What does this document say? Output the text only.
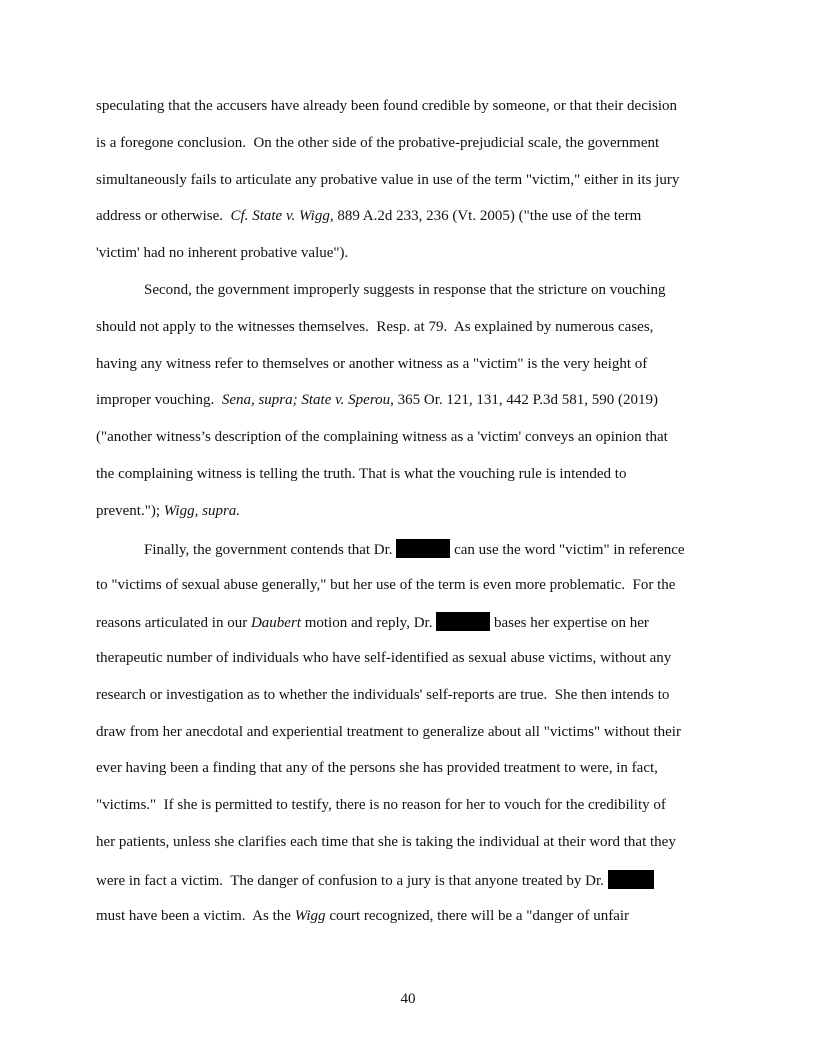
speculating that the accusers have already been found credible by someone, or that their decision
is a foregone conclusion.  On the other side of the probative-prejudicial scale, the government
simultaneously fails to articulate any probative value in use of the term "victim," either in its jury
address or otherwise.  Cf. State v. Wigg, 889 A.2d 233, 236 (Vt. 2005) ("the use of the term
'victim' had no inherent probative value").
Second, the government improperly suggests in response that the stricture on vouching
should not apply to the witnesses themselves.  Resp. at 79.  As explained by numerous cases,
having any witness refer to themselves or another witness as a "victim" is the very height of
improper vouching.  Sena, supra; State v. Sperou, 365 Or. 121, 131, 442 P.3d 581, 590 (2019)
("another witness’s description of the complaining witness as a 'victim' conveys an opinion that
the complaining witness is telling the truth. That is what the vouching rule is intended to
prevent."); Wigg, supra.
Finally, the government contends that Dr.	can use the word "victim" in reference
to "victims of sexual abuse generally," but her use of the term is even more problematic.  For the
reasons articulated in our Daubert motion and reply, Dr.	bases her expertise on her
therapeutic number of individuals who have self-identified as sexual abuse victims, without any
research or investigation as to whether the individuals' self-reports are true.  She then intends to
draw from her anecdotal and experiential treatment to generalize about all "victims" without their
ever having been a finding that any of the persons she has provided treatment to were, in fact,
"victims."  If she is permitted to testify, there is no reason for her to vouch for the credibility of
her patients, unless she clarifies each time that she is taking the individual at their word that they
were in fact a victim.  The danger of confusion to a jury is that anyone treated by Dr.
must have been a victim.  As the Wigg court recognized, there will be a "danger of unfair
40
